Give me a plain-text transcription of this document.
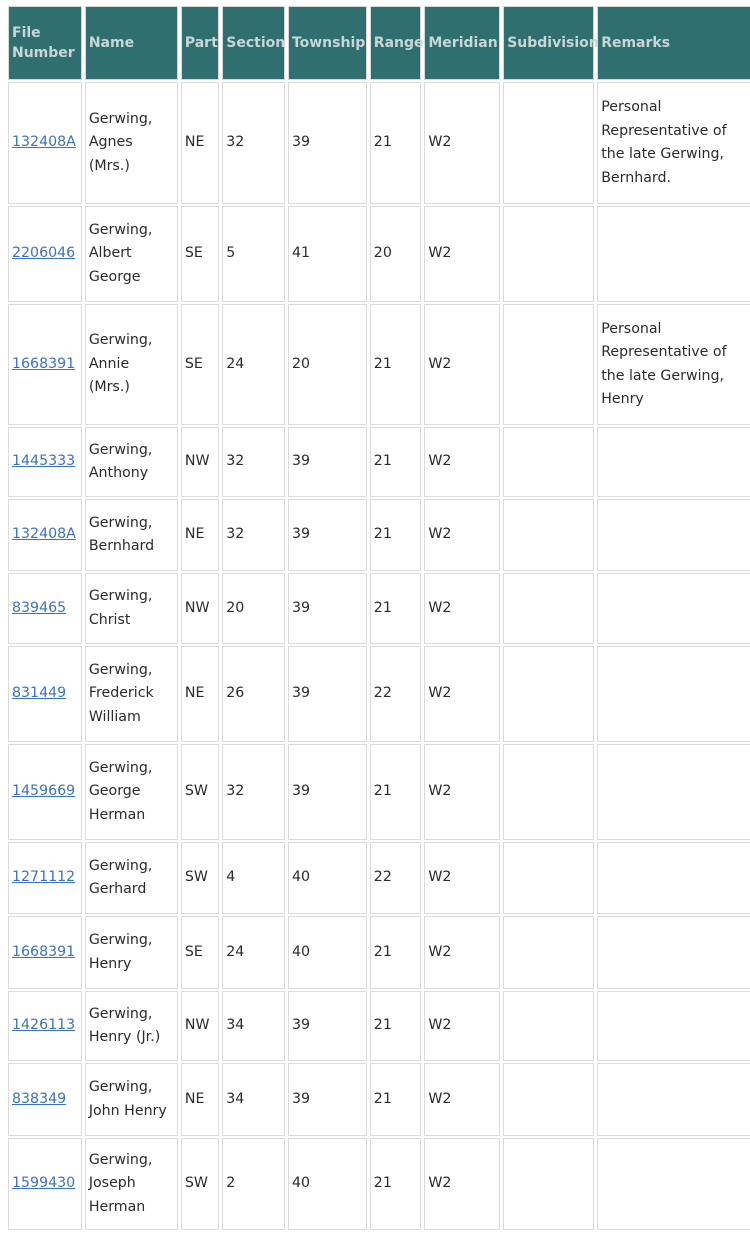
File Number	Name	Part	Section	Township	Range	Meridian	Subdivision	Remarks
132408A	Gerwing, Agnes (Mrs.)	NE	32	39	21	W2		Personal Representative of the late Gerwing, Bernhard.
2206046	Gerwing, Albert George	SE	5	41	20	W2		
1668391	Gerwing, Annie (Mrs.)	SE	24	20	21	W2		Personal Representative of the late Gerwing, Henry
1445333	Gerwing, Anthony	NW	32	39	21	W2		
132408A	Gerwing, Bernhard	NE	32	39	21	W2		
839465	Gerwing, Christ	NW	20	39	21	W2		
831449	Gerwing, Frederick William	NE	26	39	22	W2		
1459669	Gerwing, George Herman	SW	32	39	21	W2		
1271112	Gerwing, Gerhard	SW	4	40	22	W2		
1668391	Gerwing, Henry	SE	24	40	21	W2		
1426113	Gerwing, Henry (Jr.)	NW	34	39	21	W2		
838349	Gerwing, John Henry	NE	34	39	21	W2		
1599430	Gerwing, Joseph Herman	SW	2	40	21	W2		
